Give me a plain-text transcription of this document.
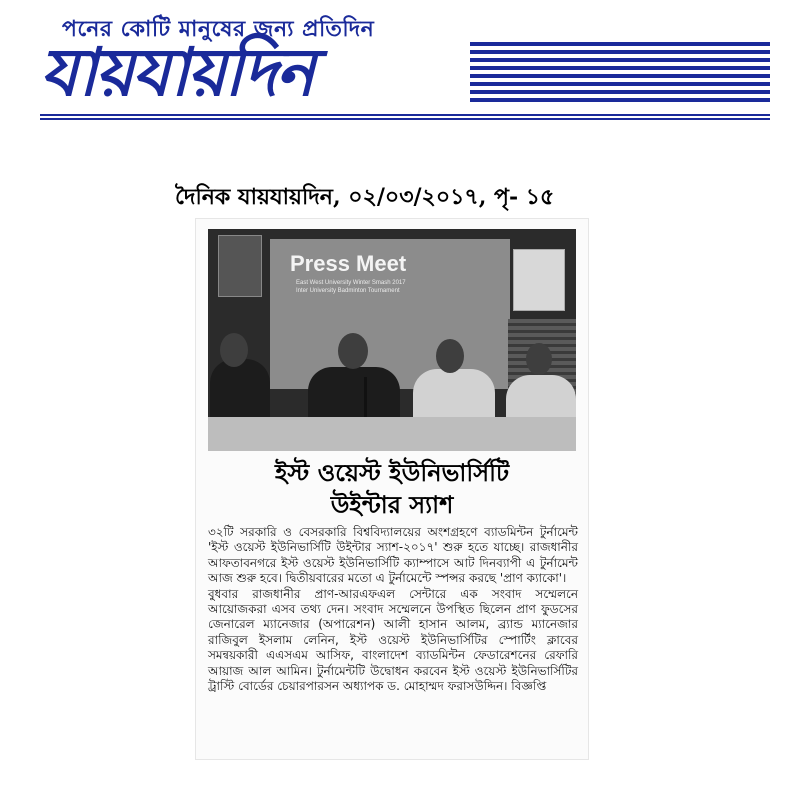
পনের কোটি মানুষের জন্য প্রতিদিন
যায়যায়দিন
দৈনিক যায়যায়দিন, ০২/০৩/২০১৭, পৃ- ১৫
Press Meet
East West University Winter Smash 2017
Inter University Badminton Tournament
ইস্ট ওয়েস্ট ইউনিভার্সিটি
উইন্টার স্যাশ

৩২টি সরকারি ও বেসরকারি বিশ্ববিদ্যালয়ের অংশগ্রহণে ব্যাডমিন্টন টুর্নামেন্ট 'ইস্ট ওয়েস্ট ইউনিভার্সিটি উইন্টার স্যাশ-২০১৭' শুরু হতে যাচ্ছে। রাজধানীর আফতাবনগরে ইস্ট ওয়েস্ট ইউনিভার্সিটি ক্যাম্পাসে আট দিনব্যাপী এ টুর্নামেন্ট আজ শুরু হবে। দ্বিতীয়বারের মতো এ টুর্নামেন্টে স্পন্সর করছে 'প্রাণ ক্যাকো'।

বুধবার রাজধানীর প্রাণ-আরএফএল সেন্টারে এক সংবাদ সম্মেলনে আয়োজকরা এসব তথ্য দেন। সংবাদ সম্মেলনে উপস্থিত ছিলেন প্রাণ ফুডসের জেনারেল ম্যানেজার (অপারেশন) আলী হাসান আলম, ব্র্যান্ড ম্যানেজার রাজিবুল ইসলাম লেনিন, ইস্ট ওয়েস্ট ইউনিভার্সিটির স্পোর্টিং ক্লাবের সমন্বয়কারী এএসএম আসিফ, বাংলাদেশ ব্যাডমিন্টন ফেডারেশনের রেফারি আয়াজ আল আমিন। টুর্নামেন্টটি উদ্বোধন করবেন ইস্ট ওয়েস্ট ইউনিভার্সিটির ট্রাস্টি বোর্ডের চেয়ারপারসন অধ্যাপক ড. মোহাম্মদ ফরাসউদ্দিন। বিজ্ঞপ্তি
